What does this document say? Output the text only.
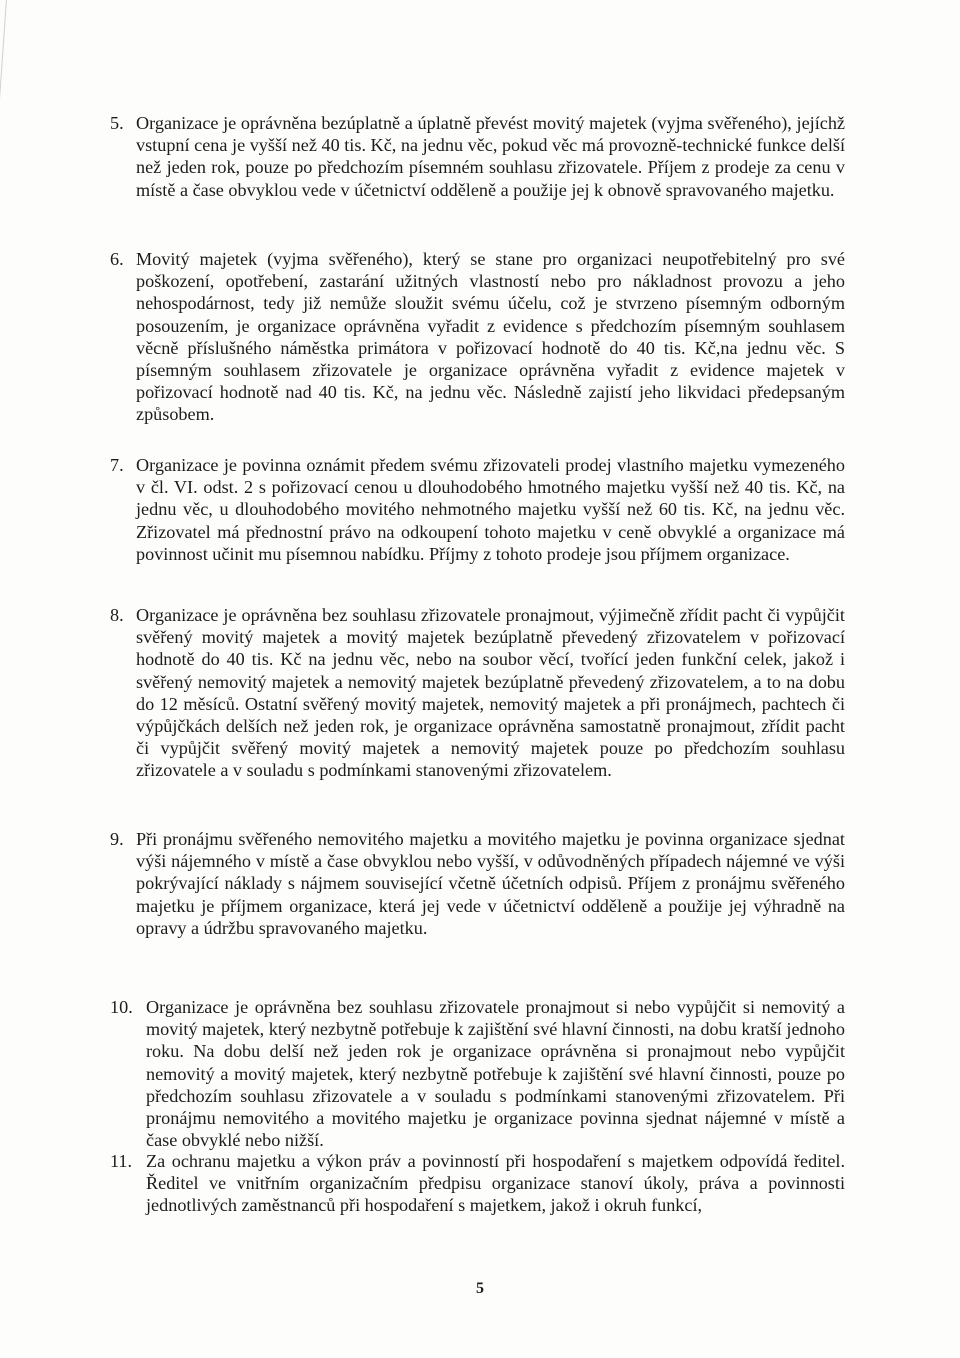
5. Organizace je oprávněna bezúplatně a úplatně převést movitý majetek (vyjma svěřeného), jejíchž vstupní cena je vyšší než 40 tis. Kč, na jednu věc, pokud věc má provozně-technické funkce delší než jeden rok, pouze po předchozím písemném souhlasu zřizovatele. Příjem z prodeje za cenu v místě a čase obvyklou vede v účetnictví odděleně a použije jej k obnově spravovaného majetku.
6. Movitý majetek (vyjma svěřeného), který se stane pro organizaci neupotřebitelný pro své poškození, opotřebení, zastarání užitných vlastností nebo pro nákladnost provozu a jeho nehospodárnost, tedy již nemůže sloužit svému účelu, což je stvrzeno písemným odborným posouzením, je organizace oprávněna vyřadit z evidence s předchozím písemným souhlasem věcně příslušného náměstka primátora v pořizovací hodnotě do 40 tis. Kč,na jednu věc. S písemným souhlasem zřizovatele je organizace oprávněna vyřadit z evidence majetek v pořizovací hodnotě nad 40 tis. Kč, na jednu věc. Následně zajistí jeho likvidaci předepsaným způsobem.
7. Organizace je povinna oznámit předem svému zřizovateli prodej vlastního majetku vymezeného v čl. VI. odst. 2 s pořizovací cenou u dlouhodobého hmotného majetku vyšší než 40 tis. Kč, na jednu věc, u dlouhodobého movitého nehmotného majetku vyšší než 60 tis. Kč, na jednu věc. Zřizovatel má přednostní právo na odkoupení tohoto majetku v ceně obvyklé a organizace má povinnost učinit mu písemnou nabídku. Příjmy z tohoto prodeje jsou příjmem organizace.
8. Organizace je oprávněna bez souhlasu zřizovatele pronajmout, výjimečně zřídit pacht či vypůjčit svěřený movitý majetek a movitý majetek bezúplatně převedený zřizovatelem v pořizovací hodnotě do 40 tis. Kč na jednu věc, nebo na soubor věcí, tvořící jeden funkční celek, jakož i svěřený nemovitý majetek a nemovitý majetek bezúplatně převedený zřizovatelem, a to na dobu do 12 měsíců. Ostatní svěřený movitý majetek, nemovitý majetek a při pronájmech, pachtech či výpůjčkách delších než jeden rok, je organizace oprávněna samostatně pronajmout, zřídit pacht či vypůjčit svěřený movitý majetek a nemovitý majetek pouze po předchozím souhlasu zřizovatele a v souladu s podmínkami stanovenými zřizovatelem.
9. Při pronájmu svěřeného nemovitého majetku a movitého majetku je povinna organizace sjednat výši nájemného v místě a čase obvyklou nebo vyšší, v odůvodněných případech nájemné ve výši pokrývající náklady s nájmem související včetně účetních odpisů. Příjem z pronájmu svěřeného majetku je příjmem organizace, která jej vede v účetnictví odděleně a použije jej výhradně na opravy a údržbu spravovaného majetku.
10. Organizace je oprávněna bez souhlasu zřizovatele pronajmout si nebo vypůjčit si nemovitý a movitý majetek, který nezbytně potřebuje k zajištění své hlavní činnosti, na dobu kratší jednoho roku. Na dobu delší než jeden rok je organizace oprávněna si pronajmout nebo vypůjčit nemovitý a movitý majetek, který nezbytně potřebuje k zajištění své hlavní činnosti, pouze po předchozím souhlasu zřizovatele a v souladu s podmínkami stanovenými zřizovatelem. Při pronájmu nemovitého a movitého majetku je organizace povinna sjednat nájemné v místě a čase obvyklé nebo nižší.
11. Za ochranu majetku a výkon práv a povinností při hospodaření s majetkem odpovídá ředitel. Ředitel ve vnitřním organizačním předpisu organizace stanoví úkoly, práva a povinnosti jednotlivých zaměstnanců při hospodaření s majetkem, jakož i okruh funkcí,
5
